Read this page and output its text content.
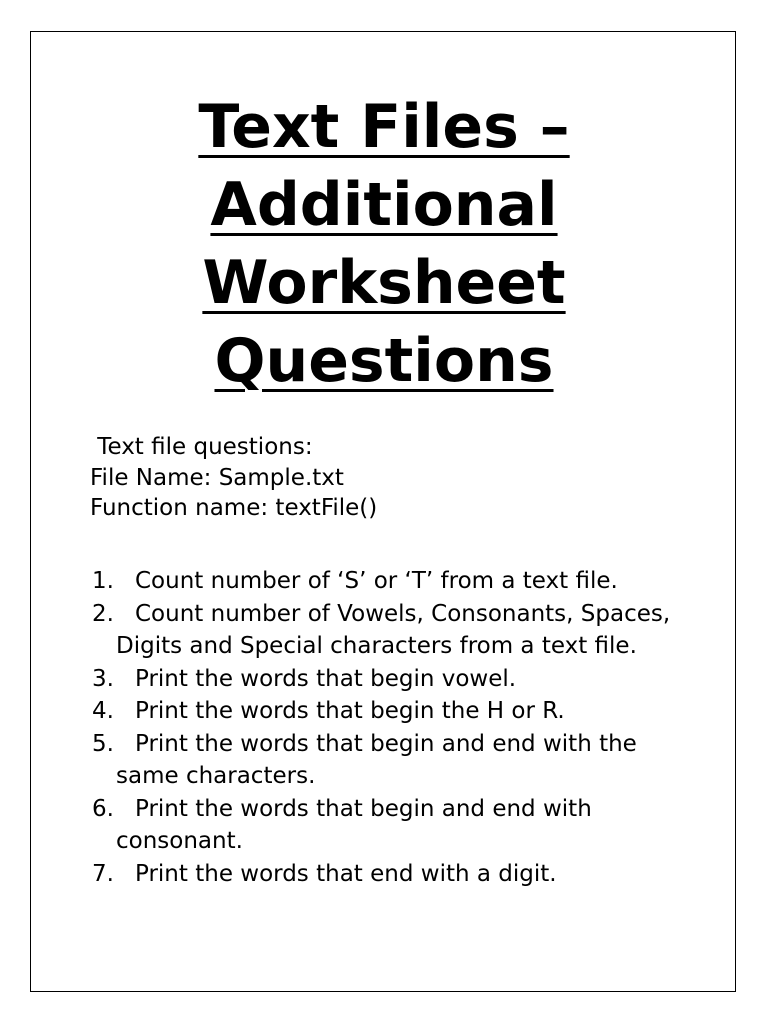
Text Files –
Additional
Worksheet
Questions
Text file questions:
File Name: Sample.txt
Function name: textFile()
1. Count number of ‘S’ or ‘T’ from a text file.
2. Count number of Vowels, Consonants, Spaces, Digits and Special characters from a text file.
3. Print the words that begin vowel.
4. Print the words that begin the H or R.
5. Print the words that begin and end with the same characters.
6. Print the words that begin and end with consonant.
7. Print the words that end with a digit.
